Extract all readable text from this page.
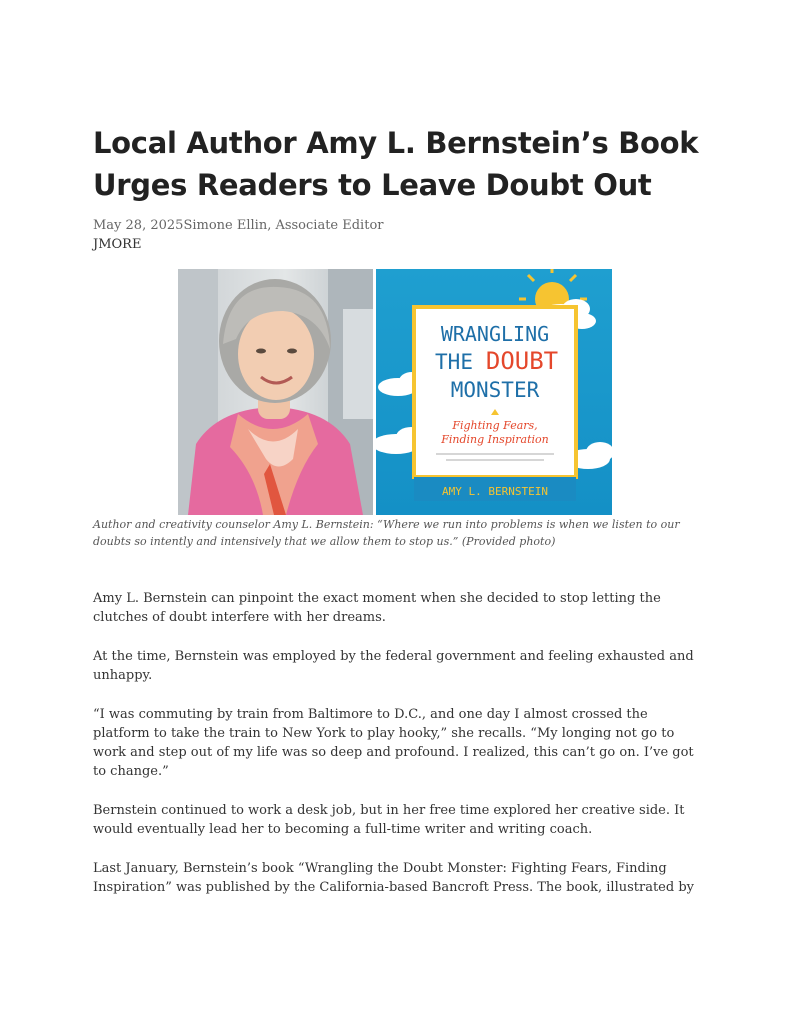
Local Author Amy L. Bernstein’s Book Urges Readers to Leave Doubt Out
May 28, 2025Simone Ellin, Associate Editor
JMORE
WRANGLING
THE DOUBT
MONSTER
Fighting Fears,
Finding Inspiration
AMY L. BERNSTEIN
Author and creativity counselor Amy L. Bernstein: “Where we run into problems is when we listen to our doubts so intently and intensively that we allow them to stop us.” (Provided photo)

Amy L. Bernstein can pinpoint the exact moment when she decided to stop letting the clutches of doubt interfere with her dreams.

At the time, Bernstein was employed by the federal government and feeling exhausted and unhappy.

“I was commuting by train from Baltimore to D.C., and one day I almost crossed the platform to take the train to New York to play hooky,” she recalls. “My longing not go to work and step out of my life was so deep and profound. I realized, this can’t go on. I’ve got to change.”

Bernstein continued to work a desk job, but in her free time explored her creative side. It would eventually lead her to becoming a full-time writer and writing coach.

Last January, Bernstein’s book “Wrangling the Doubt Monster: Fighting Fears, Finding Inspiration” was published by the California-based Bancroft Press. The book, illustrated by
